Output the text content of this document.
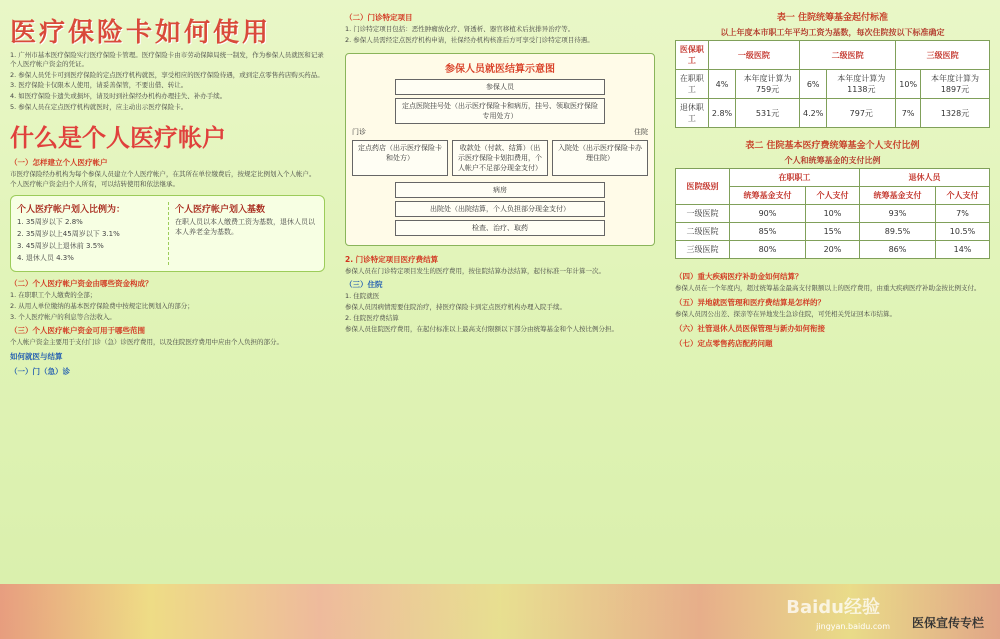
医疗保险卡如何使用
1. 广州市基本医疗保险实行医疗保险卡管理。医疗保险卡由市劳动保障局统一制发，作为参保人员就医和记录个人医疗帐户资金的凭证。
2. 参保人员凭卡可到医疗保险的定点医疗机构就医，享受相应的医疗保险待遇，或到定点零售药店购买药品。
3. 医疗保险卡仅限本人使用，请妥善保管，不要出借、转让。
4. 如医疗保险卡遗失或损坏，请及时到社保经办机构办理挂失、补办手续。
5. 参保人员在定点医疗机构就医时，应主动出示医疗保险卡。
什么是个人医疗帐户
（一）怎样建立个人医疗帐户
市医疗保险经办机构为每个参保人员建立个人医疗帐户，在其所在单位缴费后，按规定比例划入个人帐户。
个人医疗帐户资金归个人所有，可以结转使用和依法继承。
个人医疗帐户划入比例为：
1. 35周岁以下 2.8%
2. 35周岁以上45周岁以下 3.1%
3. 45周岁以上退休前 3.5%
4. 退休人员 4.3%
个人医疗帐户划入基数
在职人员以本人缴费工资为基数，退休人员以本人养老金为基数。
（二）个人医疗帐户资金由哪些资金构成？
1. 在职职工个人缴费的全部；
2. 从用人单位缴纳的基本医疗保险费中按规定比例划入的部分；
3. 个人医疗帐户的利息等合法收入。
（三）个人医疗帐户资金可用于哪些范围
个人帐户资金主要用于支付门诊（急）诊医疗费用，以及住院医疗费用中应由个人负担的部分。
如何就医与结算
（一）门（急）诊
（二）门诊特定项目
1. 门诊特定项目包括：恶性肿瘤放化疗、肾透析、器官移植术后抗排异治疗等。
2. 参保人员需经定点医疗机构申请，社保经办机构核准后方可享受门诊特定项目待遇。
参保人员就医结算示意图
参保人员
定点医院挂号处（出示医疗保险卡和病历，挂号、领取医疗保险专用处方）
门诊	住院
定点药店（出示医疗保险卡和处方）
收款处（付款、结算）（出示医疗保险卡划扣费用，个人帐户不足部分现金支付）
入院处（出示医疗保险卡办理住院）
病房
出院处（出院结算，个人负担部分现金支付）
检查、治疗、取药
2. 门诊特定项目医疗费结算
参保人员在门诊特定项目发生的医疗费用，按住院结算办法结算，起付标准一年计算一次。
（三）住院
1. 住院就医
参保人员因病情需要住院治疗，持医疗保险卡到定点医疗机构办理入院手续。
2. 住院医疗费结算
参保人员住院医疗费用，在起付标准以上最高支付限额以下部分由统筹基金和个人按比例分担。
表一 住院统筹基金起付标准
以上年度本市职工年平均工资为基数，每次住院按以下标准确定
医保职工	一级医院		二级医院		三级医院	
在职职工	4%	本年度计算为759元	6%	本年度计算为1138元	10%	本年度计算为1897元
退休职工	2.8%	531元	4.2%	797元	7%	1328元
表二 住院基本医疗费统筹基金个人支付比例
个人和统筹基金的支付比例
医院级别	在职职工		退休人员	
	统筹基金支付	个人支付	统筹基金支付	个人支付
一级医院	90%	10%	93%	7%
二级医院	85%	15%	89.5%	10.5%
三级医院	80%	20%	86%	14%
（四）重大疾病医疗补助金如何结算？
参保人员在一个年度内，超过统筹基金最高支付限额以上的医疗费用，由重大疾病医疗补助金按比例支付。
（五）异地就医管理和医疗费结算是怎样的？
参保人员因公出差、探亲等在异地发生急诊住院，可凭相关凭证回本市结算。
（六）社管退休人员医保管理与新办如何衔接
（七）定点零售药店配药问题
Baidu经验
jingyan.baidu.com 医保宣传专栏
